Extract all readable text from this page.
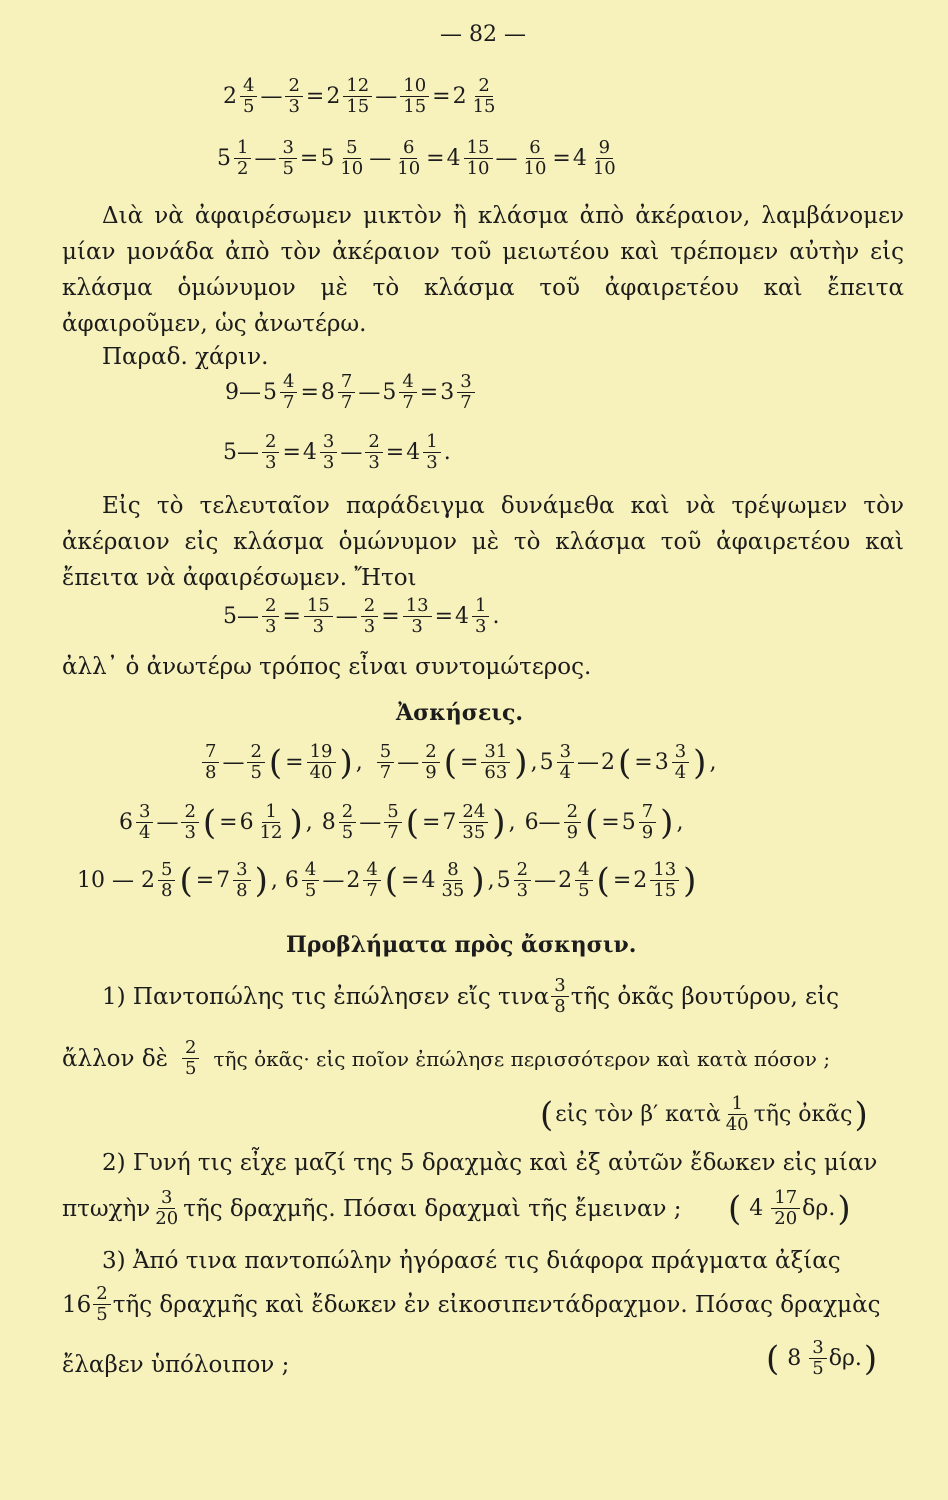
— 82 —
2 4
5 — $\frac{2}{3} = 2$ 12
15 — $\frac{10}{15} = 2$ 2
15
5 1
2 — $\frac{3}{5} = 5$ 5
10 — $\frac{6}{10} = 4$ 15
10 — $\frac{6}{10} = 4$ 9
10
Διὰ νὰ ἀφαιρέσωμεν μικτὸν ἢ κλάσμα ἀπὸ ἀκέραιον, λαμβάνομεν μίαν μονάδα ἀπὸ τὸν ἀκέραιον τοῦ μειωτέου καὶ τρέπομεν αὐτὴν εἰς κλάσμα ὁμώνυμον μὲ τὸ κλάσμα τοῦ ἀφαιρετέου καὶ ἔπειτα ἀφαιροῦμεν, ὡς ἀνωτέρω.
Παραδ. χάριν.
9— $5 \frac{4}{7} = 8$ 7
7 — $5 \frac{4}{7} = 3$ 3
7
5— $\frac{2}{3} = 4$ 3
3 — $\frac{2}{3} = 4$ 1
3 .
Εἰς τὸ τελευταῖον παράδειγμα δυνάμεθα καὶ νὰ τρέψωμεν τὸν ἀκέραιον εἰς κλάσμα ὁμώνυμον μὲ τὸ κλάσμα τοῦ ἀφαιρετέου καὶ ἔπειτα νὰ ἀφαιρέσωμεν. Ἤτοι
5— $\frac{2}{3} = \frac{15}{3}$ — $\frac{2}{3} = \frac{13}{3} = 4$ 1
3 .
ἀλλ᾽ ὁ ἀνωτέρω τρόπος εἶναι συντομώτερος.
Ἀσκήσεις.
7
8 — 2
5 ( = $\frac{19}{40}$ ) , 5
7 — 2
9 ( = $\frac{31}{63}$ ) , 5 3
4 — 2 ( = 3 3
4 ) ,
6 3
4 — 2
3 ( = 6 1
12 ) , 8 2
5 — 5
7 ( = 7 24
35 ) , 6— 2
9 ( = 5 7
9 ) ,
10 — 2 5
8 ( = 7 3
8 ) , 6 4
5 — 2 4
7 ( = 4 8
35 ) , 5 2
3 — 2 4
5 ( = 2 13
15 )
Προβλήματα πρὸς ἄσκησιν.
1) Παντοπώλης τις ἐπώλησεν εἴς τινα 3
8 τῆς ὀκᾶς βουτύρου, εἰς
ἄλλον δὲ 2
5 τῆς ὀκᾶς· εἰς ποῖον ἐπώλησε περισσότερον καὶ κατὰ πόσον ;
( εἰς τὸν β′ κατὰ 1
40 τῆς ὀκᾶς )
2) Γυνή τις εἶχε μαζί της 5 δραχμὰς καὶ ἐξ αὐτῶν ἔδωκεν εἰς μίαν
πτωχὴν 3
20 τῆς δραχμῆς. Πόσαι δραχμαὶ τῆς ἔμειναν ; ( 4 17
20 δρ. )
3) Ἀπό τινα παντοπώλην ἠγόρασέ τις διάφορα πράγματα ἀξίας
16 2
5 τῆς δραχμῆς καὶ ἔδωκεν ἐν εἰκοσιπεντάδραχμον. Πόσας δραχμὰς
ἔλαβεν ὑπόλοιπον ;	( 8 3
5 δρ. )
